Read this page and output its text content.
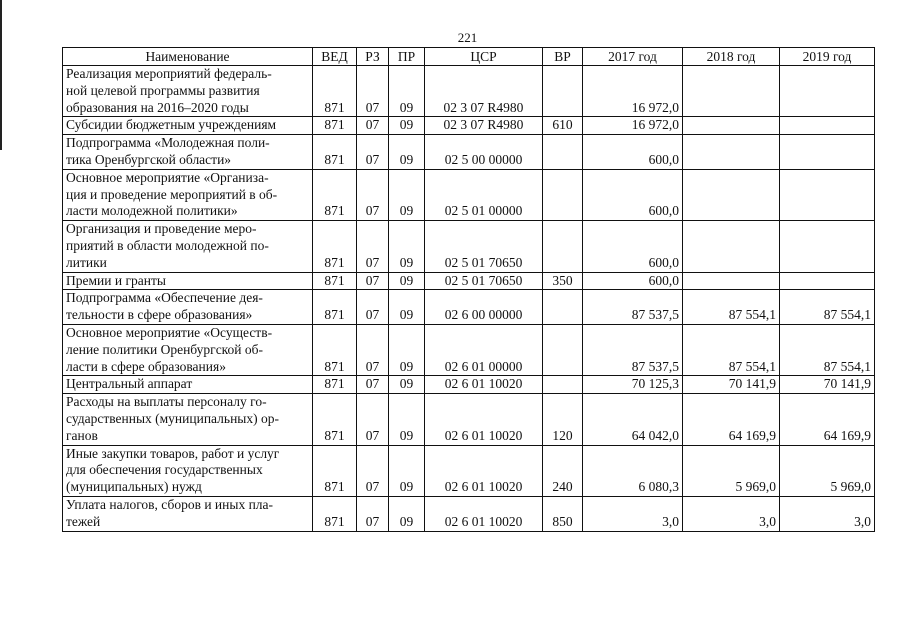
221
Наименование	ВЕД	РЗ	ПР	ЦСР	ВР	2017 год	2018 год	2019 год
Реализация мероприятий федераль-
ной целевой программы развития
образования на 2016–2020 годы	871	07	09	02 3 07 R4980		16 972,0		
Субсидии бюджетным учреждениям	871	07	09	02 3 07 R4980	610	16 972,0		
Подпрограмма «Молодежная поли-
тика Оренбургской области»	871	07	09	02 5 00 00000		600,0		
Основное мероприятие «Организа-
ция и проведение мероприятий в об-
ласти молодежной политики»	871	07	09	02 5 01 00000		600,0		
Организация и проведение меро-
приятий в области молодежной по-
литики	871	07	09	02 5 01 70650		600,0		
Премии и гранты	871	07	09	02 5 01 70650	350	600,0		
Подпрограмма «Обеспечение дея-
тельности в сфере образования»	871	07	09	02 6 00 00000		87 537,5	87 554,1	87 554,1
Основное мероприятие «Осуществ-
ление политики Оренбургской об-
ласти в сфере образования»	871	07	09	02 6 01 00000		87 537,5	87 554,1	87 554,1
Центральный аппарат	871	07	09	02 6 01 10020		70 125,3	70 141,9	70 141,9
Расходы на выплаты персоналу го-
сударственных (муниципальных) ор-
ганов	871	07	09	02 6 01 10020	120	64 042,0	64 169,9	64 169,9
Иные закупки товаров, работ и услуг
для обеспечения государственных
(муниципальных) нужд	871	07	09	02 6 01 10020	240	6 080,3	5 969,0	5 969,0
Уплата налогов, сборов и иных пла-
тежей	871	07	09	02 6 01 10020	850	3,0	3,0	3,0
